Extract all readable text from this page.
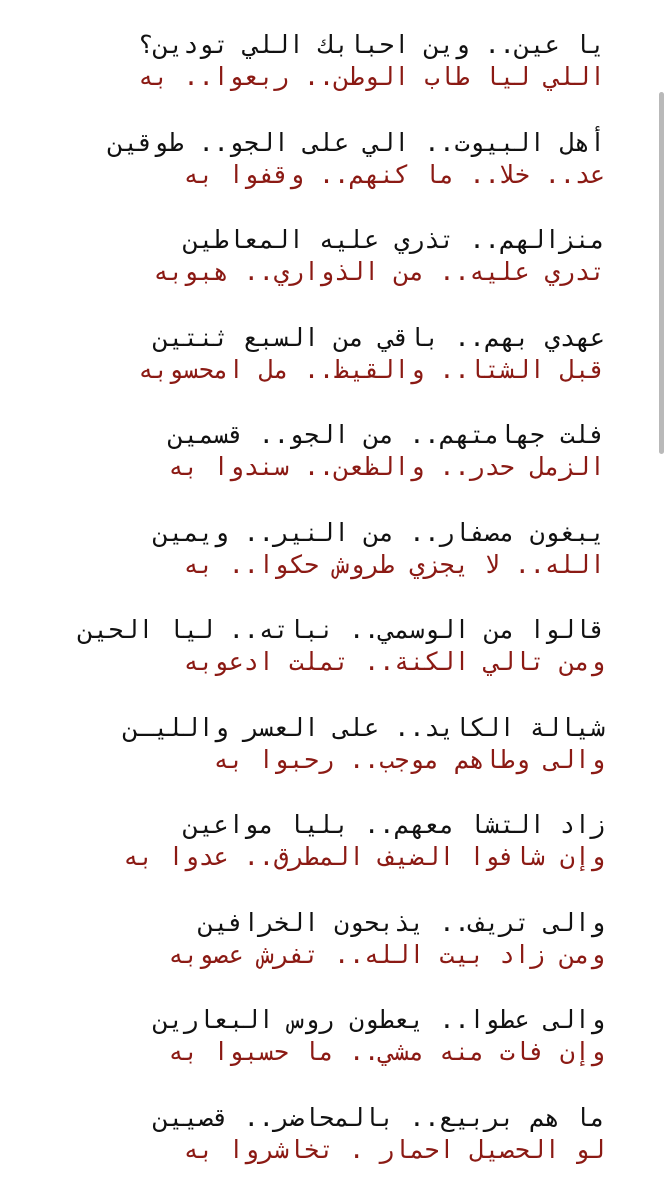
يا عين.. وين احبابك اللي تودين؟
اللي ليا طاب الوطن.. ربعوا.. به
أهل البيوت.. الي على الجو.. طوقين
عد.. خلا.. ما كنهم.. وقفوا به
منزالهم.. تذري عليه المعاطين
تدري عليه.. من الذواري.. هبوبه
عهدي بهم.. باقي من السبع ثنتين
قبل الشتا.. والقيظ.. مل امحسوبه
فلت جهامتهم.. من الجو.. قسمين
الزمل حدر.. والظعن.. سندوا به
يبغون مصفار.. من النير.. ويمين
الله.. لا يجزي طروش حكوا.. به
قالوا من الوسمي.. نباته.. ليا الحين
ومن تالي الكنة.. تملت ادعوبه
شيالة الكايد.. على العسر والليـن
والى وطاهم موجب.. رحبوا به
زاد التشا معهم.. بليا مواعين
وإن شافوا الضيف المطرق.. عدوا به
والى تريف.. يذبحون الخرافين
ومن زاد بيت الله.. تفرش عصوبه
والى عطوا.. يعطون روس البعارين
وإن فات منه مشي.. ما حسبوا به
ما هم بربيع.. بالمحاضر.. قصيين
لو الحصيل احمار . تخاشروا به
